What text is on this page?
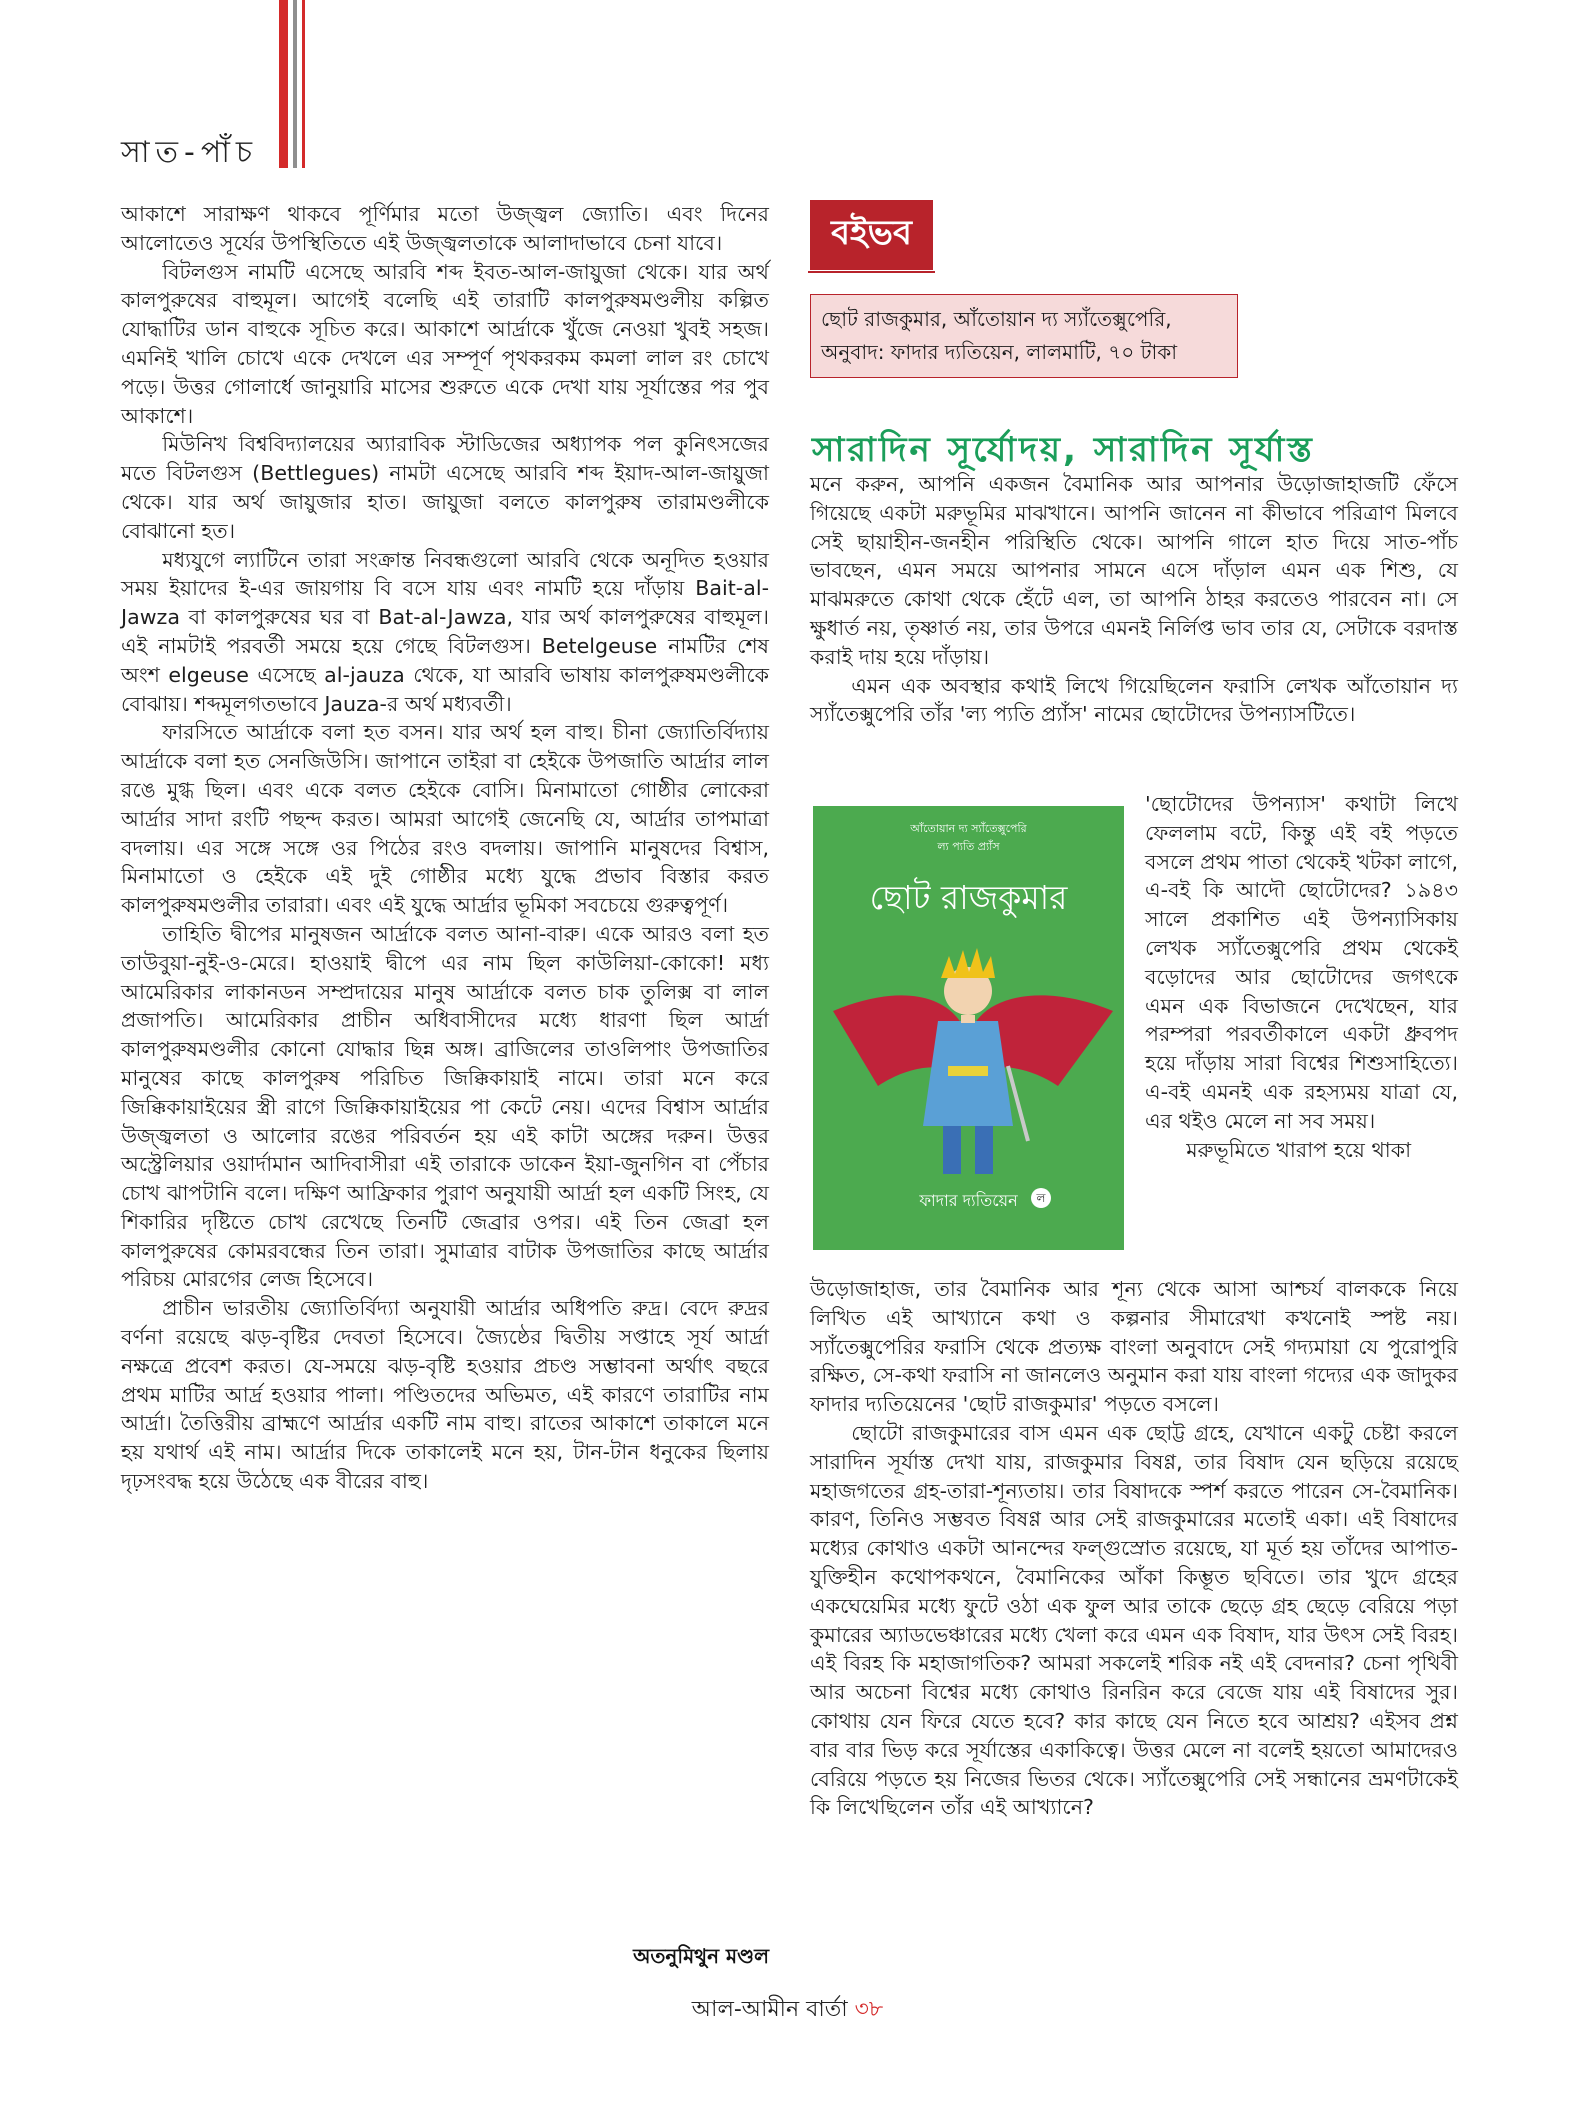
সাত-পাঁচ

আকাশে সারাক্ষণ থাকবে পূর্ণিমার মতো উজ্জ্বল জ্যোতি। এবং দিনের আলোতেও সূর্যের উপস্থিতিতে এই উজ্জ্বলতাকে আলাদাভাবে চেনা যাবে।

বিটলগুস নামটি এসেছে আরবি শব্দ ইবত-আল-জায়ুজা থেকে। যার অর্থ কালপুরুষের বাহুমূল। আগেই বলেছি এই তারাটি কালপুরুষমণ্ডলীয় কল্পিত যোদ্ধাটির ডান বাহুকে সূচিত করে। আকাশে আর্দ্রাকে খুঁজে নেওয়া খুবই সহজ। এমনিই খালি চোখে একে দেখলে এর সম্পূর্ণ পৃথকরকম কমলা লাল রং চোখে পড়ে। উত্তর গোলার্ধে জানুয়ারি মাসের শুরুতে একে দেখা যায় সূর্যাস্তের পর পুব আকাশে।

মিউনিখ বিশ্ববিদ্যালয়ের অ্যারাবিক স্টাডিজের অধ্যাপক পল কুনিৎসজের মতে বিটলগুস (Bettlegues) নামটা এসেছে আরবি শব্দ ইয়াদ-আল-জায়ুজা থেকে। যার অর্থ জায়ুজার হাত। জায়ুজা বলতে কালপুরুষ তারামণ্ডলীকে বোঝানো হত।

মধ্যযুগে ল্যাটিনে তারা সংক্রান্ত নিবন্ধগুলো আরবি থেকে অনূদিত হওয়ার সময় ইয়াদের ই-এর জায়গায় বি বসে যায় এবং নামটি হয়ে দাঁড়ায় Bait-al-Jawza বা কালপুরুষের ঘর বা Bat-al-Jawza, যার অর্থ কালপুরুষের বাহুমূল। এই নামটাই পরবর্তী সময়ে হয়ে গেছে বিটলগুস। Betelgeuse নামটির শেষ অংশ elgeuse এসেছে al-jauza থেকে, যা আরবি ভাষায় কালপুরুষমণ্ডলীকে বোঝায়। শব্দমূলগতভাবে Jauza-র অর্থ মধ্যবর্তী।

ফারসিতে আর্দ্রাকে বলা হত বসন। যার অর্থ হল বাহু। চীনা জ্যোতির্বিদ্যায় আর্দ্রাকে বলা হত সেনজিউসি। জাপানে তাইরা বা হেইকে উপজাতি আর্দ্রার লাল রঙে মুগ্ধ ছিল। এবং একে বলত হেইকে বোসি। মিনামাতো গোষ্ঠীর লোকেরা আর্দ্রার সাদা রংটি পছন্দ করত। আমরা আগেই জেনেছি যে, আর্দ্রার তাপমাত্রা বদলায়। এর সঙ্গে সঙ্গে ওর পিঠের রংও বদলায়। জাপানি মানুষদের বিশ্বাস, মিনামাতো ও হেইকে এই দুই গোষ্ঠীর মধ্যে যুদ্ধে প্রভাব বিস্তার করত কালপুরুষমণ্ডলীর তারারা। এবং এই যুদ্ধে আর্দ্রার ভূমিকা সবচেয়ে গুরুত্বপূর্ণ।

তাহিতি দ্বীপের মানুষজন আর্দ্রাকে বলত আনা-বারু। একে আরও বলা হত তাউবুয়া-নুই-ও-মেরে। হাওয়াই দ্বীপে এর নাম ছিল কাউলিয়া-কোকো! মধ্য আমেরিকার লাকানডন সম্প্রদায়ের মানুষ আর্দ্রাকে বলত চাক তুলিক্স বা লাল প্রজাপতি। আমেরিকার প্রাচীন অধিবাসীদের মধ্যে ধারণা ছিল আর্দ্রা কালপুরুষমণ্ডলীর কোনো যোদ্ধার ছিন্ন অঙ্গ। ব্রাজিলের তাওলিপাং উপজাতির মানুষের কাছে কালপুরুষ পরিচিত জিক্কিকায়াই নামে। তারা মনে করে জিক্কিকায়াইয়ের স্ত্রী রাগে জিক্কিকায়াইয়ের পা কেটে নেয়। এদের বিশ্বাস আর্দ্রার উজ্জ্বলতা ও আলোর রঙের পরিবর্তন হয় এই কাটা অঙ্গের দরুন। উত্তর অস্ট্রেলিয়ার ওয়ার্দামান আদিবাসীরা এই তারাকে ডাকেন ইয়া-জুনগিন বা পেঁচার চোখ ঝাপটানি বলে। দক্ষিণ আফ্রিকার পুরাণ অনুযায়ী আর্দ্রা হল একটি সিংহ, যে শিকারির দৃষ্টিতে চোখ রেখেছে তিনটি জেব্রার ওপর। এই তিন জেব্রা হল কালপুরুষের কোমরবন্ধের তিন তারা। সুমাত্রার বাটাক উপজাতির কাছে আর্দ্রার পরিচয় মোরগের লেজ হিসেবে।

প্রাচীন ভারতীয় জ্যোতির্বিদ্যা অনুযায়ী আর্দ্রার অধিপতি রুদ্র। বেদে রুদ্রর বর্ণনা রয়েছে ঝড়-বৃষ্টির দেবতা হিসেবে। জ্যৈষ্ঠের দ্বিতীয় সপ্তাহে সূর্য আর্দ্রা নক্ষত্রে প্রবেশ করত। যে-সময়ে ঝড়-বৃষ্টি হওয়ার প্রচণ্ড সম্ভাবনা অর্থাৎ বছরে প্রথম মাটির আর্দ্র হওয়ার পালা। পণ্ডিতদের অভিমত, এই কারণে তারাটির নাম আর্দ্রা। তৈত্তিরীয় ব্রাহ্মণে আর্দ্রার একটি নাম বাহু। রাতের আকাশে তাকালে মনে হয় যথার্থ এই নাম। আর্দ্রার দিকে তাকালেই মনে হয়, টান-টান ধনুকের ছিলায় দৃঢ়সংবদ্ধ হয়ে উঠেছে এক বীরের বাহু।

অতনুমিথুন মণ্ডল
বইভব
ছোট রাজকুমার, আঁতোয়ান দ্য স্যাঁতেক্সুপেরি,
অনুবাদ: ফাদার দ্যতিয়েন, লালমাটি, ৭০ টাকা
সারাদিন সূর্যোদয়, সারাদিন সূর্যাস্ত

মনে করুন, আপনি একজন বৈমানিক আর আপনার উড়োজাহাজটি ফেঁসে গিয়েছে একটা মরুভূমির মাঝখানে। আপনি জানেন না কীভাবে পরিত্রাণ মিলবে সেই ছায়াহীন-জনহীন পরিস্থিতি থেকে। আপনি গালে হাত দিয়ে সাত-পাঁচ ভাবছেন, এমন সময়ে আপনার সামনে এসে দাঁড়াল এমন এক শিশু, যে মাঝমরুতে কোথা থেকে হেঁটে এল, তা আপনি ঠাহর করতেও পারবেন না। সে ক্ষুধার্ত নয়, তৃষ্ণার্ত নয়, তার উপরে এমনই নির্লিপ্ত ভাব তার যে, সেটাকে বরদাস্ত করাই দায় হয়ে দাঁড়ায়।

এমন এক অবস্থার কথাই লিখে গিয়েছিলেন ফরাসি লেখক আঁতোয়ান দ্য স্যাঁতেক্সুপেরি তাঁর 'ল্য প্যতি প্র্যাঁস' নামের ছোটোদের উপন্যাসটিতে।

আঁতোয়ান দ্য স্যাঁতেক্সুপেরি
ল্য প্যতি প্র্যাঁস
ছোট রাজকুমার
ফাদার দ্যতিয়েন	ল

'ছোটোদের উপন্যাস' কথাটা লিখে ফেললাম বটে, কিন্তু এই বই পড়তে বসলে প্রথম পাতা থেকেই খটকা লাগে, এ-বই কি আদৌ ছোটোদের? ১৯৪৩ সালে প্রকাশিত এই উপন্যাসিকায় লেখক স্যাঁতেক্সুপেরি প্রথম থেকেই বড়োদের আর ছোটোদের জগৎকে এমন এক বিভাজনে দেখেছেন, যার পরম্পরা পরবর্তীকালে একটা ধ্রুবপদ হয়ে দাঁড়ায় সারা বিশ্বের শিশুসাহিত্যে। এ-বই এমনই এক রহস্যময় যাত্রা যে, এর থইও মেলে না সব সময়।

মরুভূমিতে খারাপ হয়ে থাকা

উড়োজাহাজ, তার বৈমানিক আর শূন্য থেকে আসা আশ্চর্য বালককে নিয়ে লিখিত এই আখ্যানে কথা ও কল্পনার সীমারেখা কখনোই স্পষ্ট নয়। স্যাঁতেক্সুপেরির ফরাসি থেকে প্রত্যক্ষ বাংলা অনুবাদে সেই গদ্যমায়া যে পুরোপুরি রক্ষিত, সে-কথা ফরাসি না জানলেও অনুমান করা যায় বাংলা গদ্যের এক জাদুকর ফাদার দ্যতিয়েনের 'ছোট রাজকুমার' পড়তে বসলে।

ছোটো রাজকুমারের বাস এমন এক ছোট্ট গ্রহে, যেখানে একটু চেষ্টা করলে সারাদিন সূর্যাস্ত দেখা যায়, রাজকুমার বিষণ্ণ, তার বিষাদ যেন ছড়িয়ে রয়েছে মহাজগতের গ্রহ-তারা-শূন্যতায়। তার বিষাদকে স্পর্শ করতে পারেন সে-বৈমানিক। কারণ, তিনিও সম্ভবত বিষণ্ণ আর সেই রাজকুমারের মতোই একা। এই বিষাদের মধ্যের কোথাও একটা আনন্দের ফল্গুস্রোত রয়েছে, যা মূর্ত হয় তাঁদের আপাত-যুক্তিহীন কথোপকথনে, বৈমানিকের আঁকা কিম্ভূত ছবিতে। তার খুদে গ্রহের একঘেয়েমির মধ্যে ফুটে ওঠা এক ফুল আর তাকে ছেড়ে গ্রহ ছেড়ে বেরিয়ে পড়া কুমারের অ্যাডভেঞ্চারের মধ্যে খেলা করে এমন এক বিষাদ, যার উৎস সেই বিরহ। এই বিরহ কি মহাজাগতিক? আমরা সকলেই শরিক নই এই বেদনার? চেনা পৃথিবী আর অচেনা বিশ্বের মধ্যে কোথাও রিনরিন করে বেজে যায় এই বিষাদের সুর। কোথায় যেন ফিরে যেতে হবে? কার কাছে যেন নিতে হবে আশ্রয়? এইসব প্রশ্ন বার বার ভিড় করে সূর্যাস্তের একাকিত্বে। উত্তর মেলে না বলেই হয়তো আমাদেরও বেরিয়ে পড়তে হয় নিজের ভিতর থেকে। স্যাঁতেক্সুপেরি সেই সন্ধানের ভ্রমণটাকেই কি লিখেছিলেন তাঁর এই আখ্যানে?

আল-আমীন বার্তা ৩৮
